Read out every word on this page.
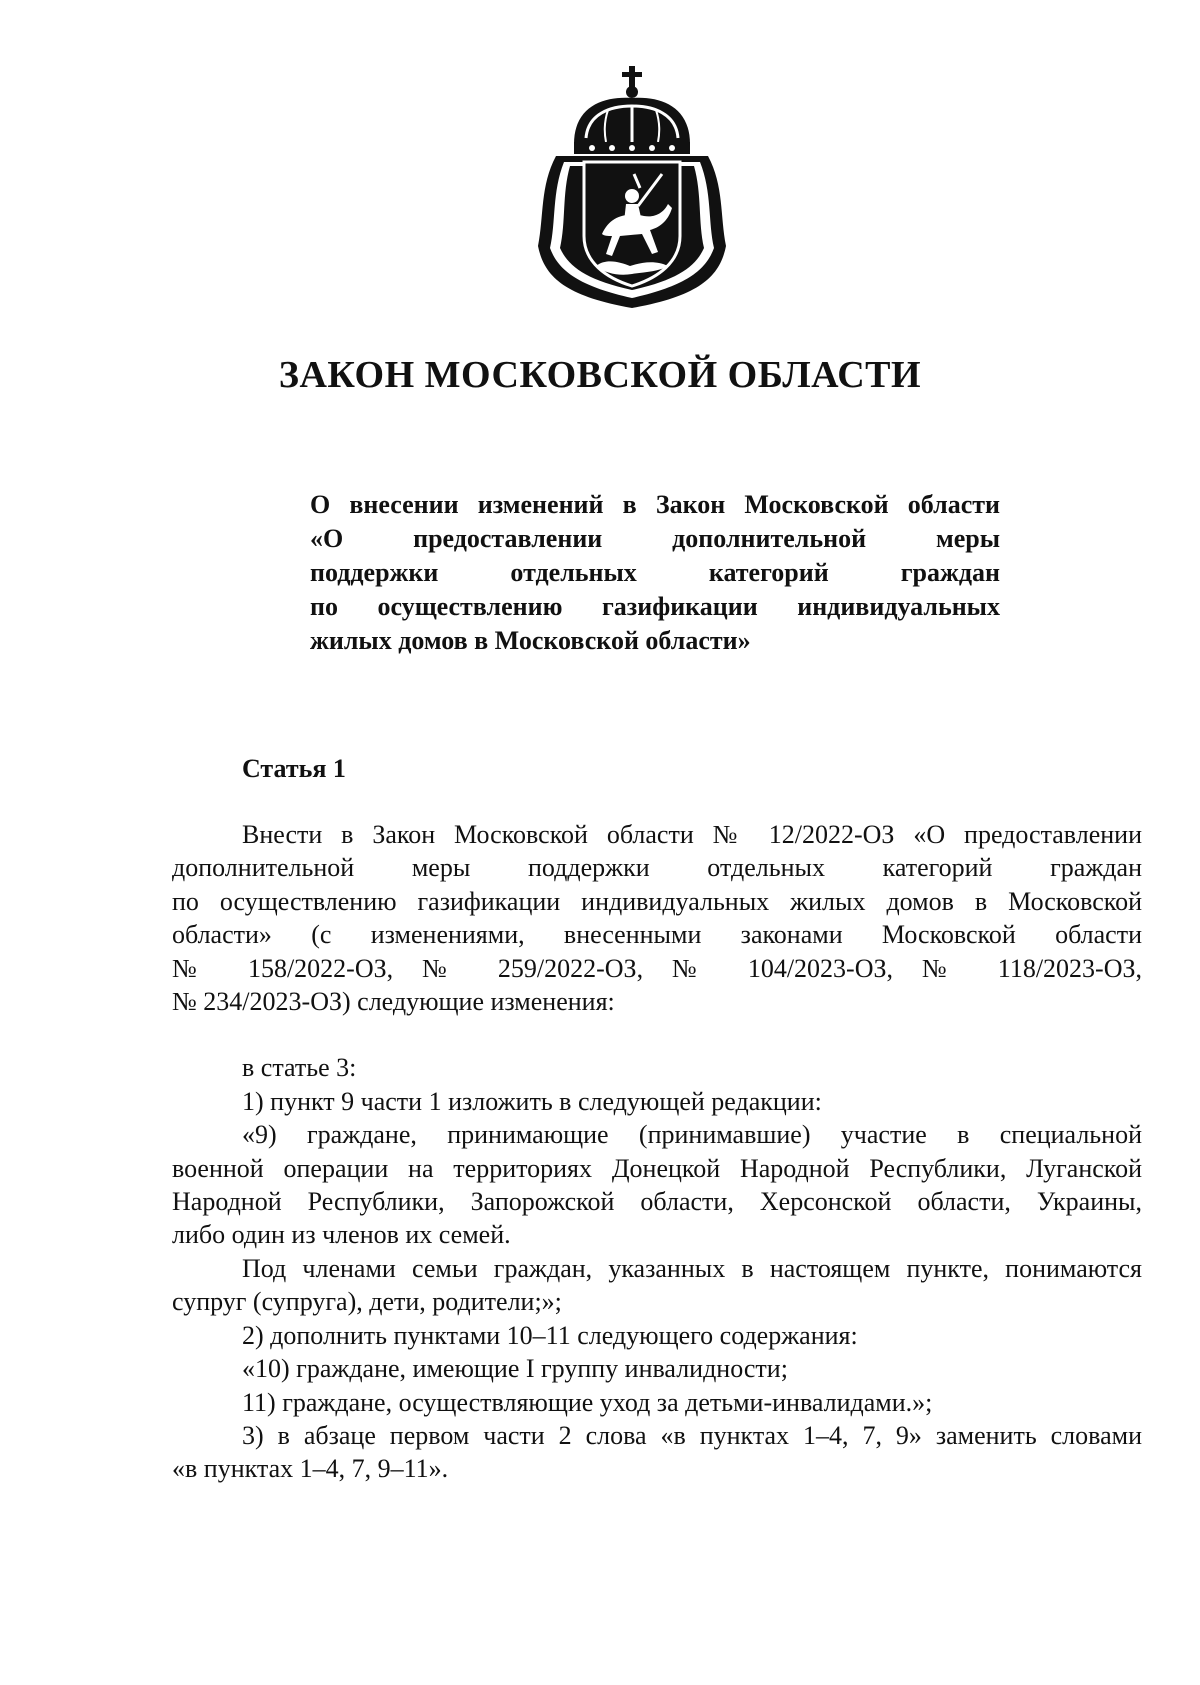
ЗАКОН МОСКОВСКОЙ ОБЛАСТИ
О внесении изменений в Закон Московской области
«О предоставлении дополнительной меры
поддержки отдельных категорий граждан
по осуществлению газификации индивидуальных
жилых домов в Московской области»
Статья 1
Внести в Закон Московской области № 12/2022-ОЗ «О предоставлении
дополнительной меры поддержки отдельных категорий граждан
по осуществлению газификации индивидуальных жилых домов в Московской
области» (с изменениями, внесенными законами Московской области
№ 158/2022-ОЗ, № 259/2022-ОЗ, № 104/2023-ОЗ, № 118/2023-ОЗ,
№ 234/2023-ОЗ) следующие изменения:

в статье 3:

1) пункт 9 части 1 изложить в следующей редакции:

«9) граждане, принимающие (принимавшие) участие в специальной
военной операции на территориях Донецкой Народной Республики, Луганской
Народной Республики, Запорожской области, Херсонской области, Украины,
либо один из членов их семей.
Под членами семьи граждан, указанных в настоящем пункте, понимаются
супруг (супруга), дети, родители;»;

2) дополнить пунктами 10–11 следующего содержания:

«10) граждане, имеющие I группу инвалидности;

11) граждане, осуществляющие уход за детьми-инвалидами.»;

3) в абзаце первом части 2 слова «в пунктах 1–4, 7, 9» заменить словами
«в пунктах 1–4, 7, 9–11».
